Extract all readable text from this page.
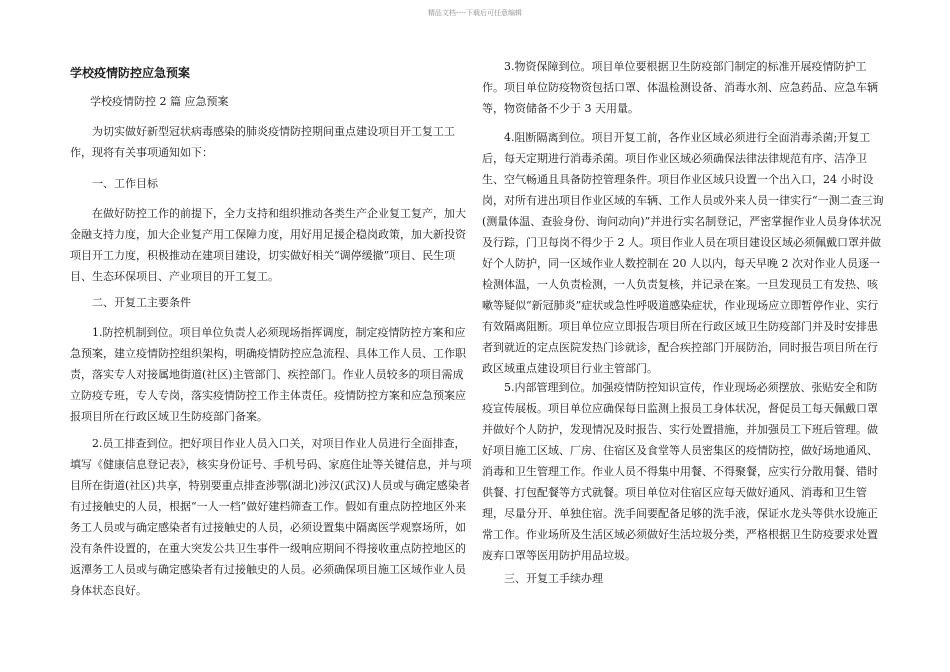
精品文档----下载后可任意编辑

学校疫情防控应急预案

学校疫情防控 2 篇 应急预案

为切实做好新型冠状病毒感染的肺炎疫情防控期间重点建设项目开工复工工作，现将有关事项通知如下：

一、工作目标

在做好防控工作的前提下，全力支持和组织推动各类生产企业复工复产，加大金融支持力度，加大企业复产用工保障力度，用好用足援企稳岗政策，加大新投资项目开工力度，积极推动在建项目建设，切实做好相关“调停缓撤”项目、民生项目、生态环保项目、产业项目的开工复工。

二、开复工主要条件

1.防控机制到位。项目单位负责人必须现场指挥调度，制定疫情防控方案和应急预案，建立疫情防控组织架构，明确疫情防控应急流程、具体工作人员、工作职责，落实专人对接属地街道(社区)主管部门、疾控部门。作业人员较多的项目需成立防疫专班，专人专岗，落实疫情防控工作主体责任。疫情防控方案和应急预案应报项目所在行政区域卫生防疫部门备案。

2.员工排查到位。把好项目作业人员入口关，对项目作业人员进行全面排查，填写《健康信息登记表》，核实身份证号、手机号码、家庭住址等关键信息，并与项目所在街道(社区)共享，特别要重点排查涉鄂(湖北)涉汉(武汉)人员或与确定感染者有过接触史的人员，根据“一人一档”做好建档筛查工作。假如有重点防控地区外来务工人员或与确定感染者有过接触史的人员，必须设置集中隔离医学观察场所，如没有条件设置的，在重大突发公共卫生事件一级响应期间不得接收重点防控地区的返潭务工人员或与确定感染者有过接触史的人员。必须确保项目施工区域作业人员身体状态良好。

3.物资保障到位。项目单位要根据卫生防疫部门制定的标准开展疫情防护工作。项目单位防疫物资包括口罩、体温检测设备、消毒水剂、应急药品、应急车辆等，物资储备不少于 3 天用量。

4.阻断隔离到位。项目开复工前，各作业区域必须进行全面消毒杀菌;开复工后，每天定期进行消毒杀菌。项目作业区域必须确保法律法律规范有序、洁净卫生、空气畅通且具备防控管理条件。项目作业区域只设置一个出入口，24 小时设岗，对所有进出项目作业区域的车辆、工作人员或外来人员一律实行“一测二查三询(测量体温、查验身份、询问动向)”并进行实名制登记，严密掌握作业人员身体状况及行踪，门卫每岗不得少于 2 人。项目作业人员在项目建设区域必须佩戴口罩并做好个人防护，同一区域作业人数控制在 20 人以内，每天早晚 2 次对作业人员逐一检测体温，一人负责检测，一人负责复核，并记录在案。一旦发现员工有发热、咳嗽等疑似“新冠肺炎”症状或急性呼吸道感染症状，作业现场应立即暂停作业、实行有效隔离阻断。项目单位应立即报告项目所在行政区域卫生防疫部门并及时安排患者到就近的定点医院发热门诊就诊，配合疾控部门开展防治，同时报告项目所在行政区域重点建设项目行业主管部门。

5.内部管理到位。加强疫情防控知识宣传，作业现场必须摆放、张贴安全和防疫宣传展板。项目单位应确保每日监测上报员工身体状况，督促员工每天佩戴口罩并做好个人防护，发现情况及时报告、实行处置措施，并加强员工下班后管理。做好项目施工区域、厂房、住宿区及食堂等人员密集区的疫情防控，做好场地通风、消毒和卫生管理工作。作业人员不得集中用餐、不得聚餐，应实行分散用餐、错时供餐、打包配餐等方式就餐。项目单位对住宿区应每天做好通风、消毒和卫生管理，尽量分开、单独住宿。洗手间要配备足够的洗手液，保证水龙头等供水设施正常工作。作业场所及生活区域必须做好生活垃圾分类，严格根据卫生防疫要求处置废弃口罩等医用防护用品垃圾。

三、开复工手续办理
